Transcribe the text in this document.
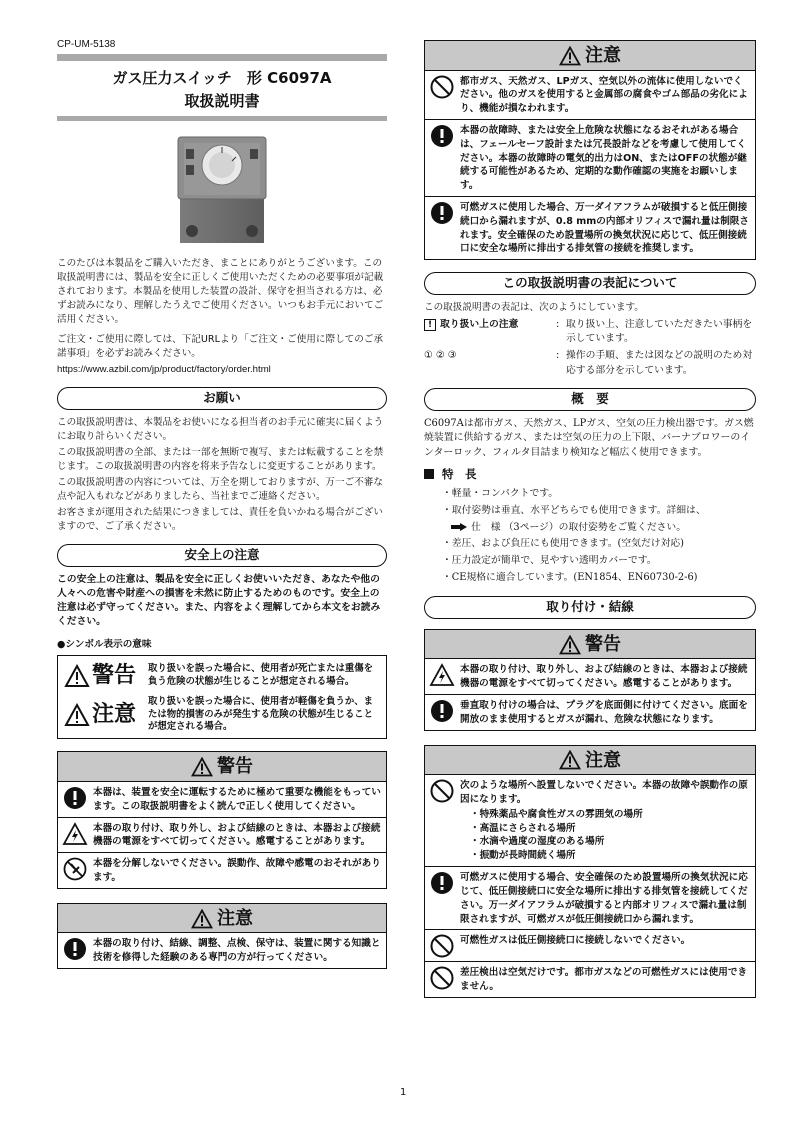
CP-UM-5138
ガス圧力スイッチ　形 C6097A
取扱説明書

このたびは本製品をご購入いただき、まことにありがとうございます。この取扱説明書には、製品を安全に正しくご使用いただくための必要事項が記載されております。本製品を使用した装置の設計、保守を担当される方は、必ずお読みになり、理解したうえでご使用ください。いつもお手元においてご活用ください。

ご注文・ご使用に際しては、下記URLより「ご注文・ご使用に際してのご承諾事項」を必ずお読みください。

https://www.azbil.com/jp/product/factory/order.html

お願い

この取扱説明書は、本製品をお使いになる担当者のお手元に確実に届くようにお取り計らいください。

この取扱説明書の全部、または一部を無断で複写、または転載することを禁じます。この取扱説明書の内容を将来予告なしに変更することがあります。

この取扱説明書の内容については、万全を期しておりますが、万一ご不審な点や記入もれなどがありましたら、当社までご連絡ください。

お客さまが運用された結果につきましては、責任を負いかねる場合がございますので、ご了承ください。

安全上の注意

この安全上の注意は、製品を安全に正しくお使いいただき、あなたや他の人々への危害や財産への損害を未然に防止するためのものです。安全上の注意は必ず守ってください。また、内容をよく理解してから本文をお読みください。

●シンボル表示の意味
警告 取り扱いを誤った場合に、使用者が死亡または重傷を負う危険の状態が生じることが想定される場合。
注意
取り扱いを誤った場合に、使用者が軽傷を負うか、または物的損害のみが発生する危険の状態が生じることが想定される場合。
警告
本器は、装置を安全に運転するために極めて重要な機能をもっています。この取扱説明書をよく読んで正しく使用してください。
本器の取り付け、取り外し、および結線のときは、本器および接続機器の電源をすべて切ってください。感電することがあります。
本器を分解しないでください。誤動作、故障や感電のおそれがあります。
注意
本器の取り付け、結線、調整、点検、保守は、装置に関する知識と技術を修得した経験のある専門の方が行ってください。
注意
都市ガス、天然ガス、LPガス、空気以外の流体に使用しないでください。他のガスを使用すると金属部の腐食やゴム部品の劣化により、機能が損なわれます。
本器の故障時、または安全上危険な状態になるおそれがある場合は、フェールセーフ設計または冗長設計などを考慮して使用してください。本器の故障時の電気的出力はON、またはOFFの状態が継続する可能性があるため、定期的な動作確認の実施をお願いします。
可燃ガスに使用した場合、万一ダイアフラムが破損すると低圧側接続口から漏れますが、0.8 mmの内部オリフィスで漏れ量は制限されます。安全確保のため設置場所の換気状況に応じて、低圧側接続口に安全な場所に排出する排気管の接続を推奨します。
この取扱説明書の表記について

この取扱説明書の表記は、次のようにしています。

! 取り扱い上の注意	: 取り扱い上、注意していただきたい事柄を示しています。
① ② ③	: 操作の手順、または図などの説明のため対応する部分を示しています。
概　要

C6097Aは都市ガス、天然ガス、LPガス、空気の圧力検出器です。ガス燃焼装置に供給するガス、または空気の圧力の上下限、バーナブロワーのインターロック、フィルタ目詰まり検知など幅広く使用できます。

特　長
・軽量・コンパクトです。
・取付姿勢は垂直、水平どちらでも使用できます。詳細は、
仕　様 （3ページ）の取付姿勢をご覧ください。
・差圧、および負圧にも使用できます。(空気だけ対応)
・圧力設定が簡単で、見やすい透明カバーです。
・CE規格に適合しています。(EN1854、EN60730-2-6)
取り付け・結線
警告
本器の取り付け、取り外し、および結線のときは、本器および接続機器の電源をすべて切ってください。感電することがあります。
垂直取り付けの場合は、プラグを底面側に付けてください。底面を開放のまま使用するとガスが漏れ、危険な状態になります。
注意
次のような場所へ設置しないでください。本器の故障や誤動作の原因になります。
・特殊薬品や腐食性ガスの雰囲気の場所
・高温にさらされる場所
・水滴や過度の湿度のある場所
・振動が長時間続く場所
可燃ガスに使用する場合、安全確保のため設置場所の換気状況に応じて、低圧側接続口に安全な場所に排出する排気管を接続してください。万一ダイアフラムが破損すると内部オリフィスで漏れ量は制限されますが、可燃ガスが低圧側接続口から漏れます。
可燃性ガスは低圧側接続口に接続しないでください。
差圧検出は空気だけです。都市ガスなどの可燃性ガスには使用できません。
1
